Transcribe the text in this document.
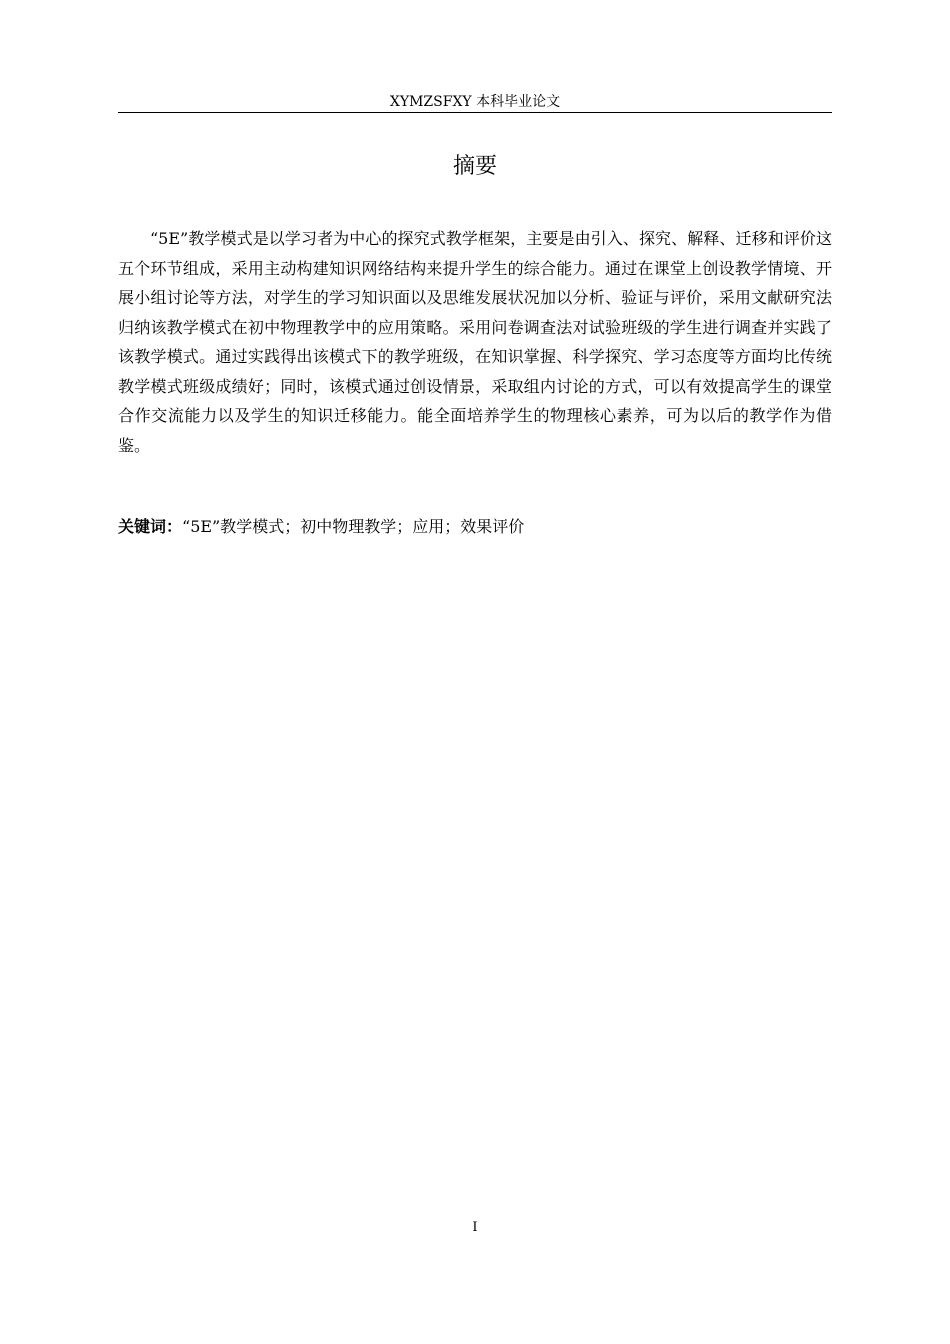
XYMZSFXY 本科毕业论文
摘要

“5E”教学模式是以学习者为中心的探究式教学框架，主要是由引入、探究、解释、迁移和评价这五个环节组成，采用主动构建知识网络结构来提升学生的综合能力。通过在课堂上创设教学情境、开展小组讨论等方法，对学生的学习知识面以及思维发展状况加以分析、验证与评价，采用文献研究法归纳该教学模式在初中物理教学中的应用策略。采用问卷调查法对试验班级的学生进行调查并实践了该教学模式。通过实践得出该模式下的教学班级，在知识掌握、科学探究、学习态度等方面均比传统教学模式班级成绩好；同时，该模式通过创设情景，采取组内讨论的方式，可以有效提高学生的课堂合作交流能力以及学生的知识迁移能力。能全面培养学生的物理核心素养，可为以后的教学作为借鉴。

关键词：“5E”教学模式；初中物理教学；应用；效果评价

I
